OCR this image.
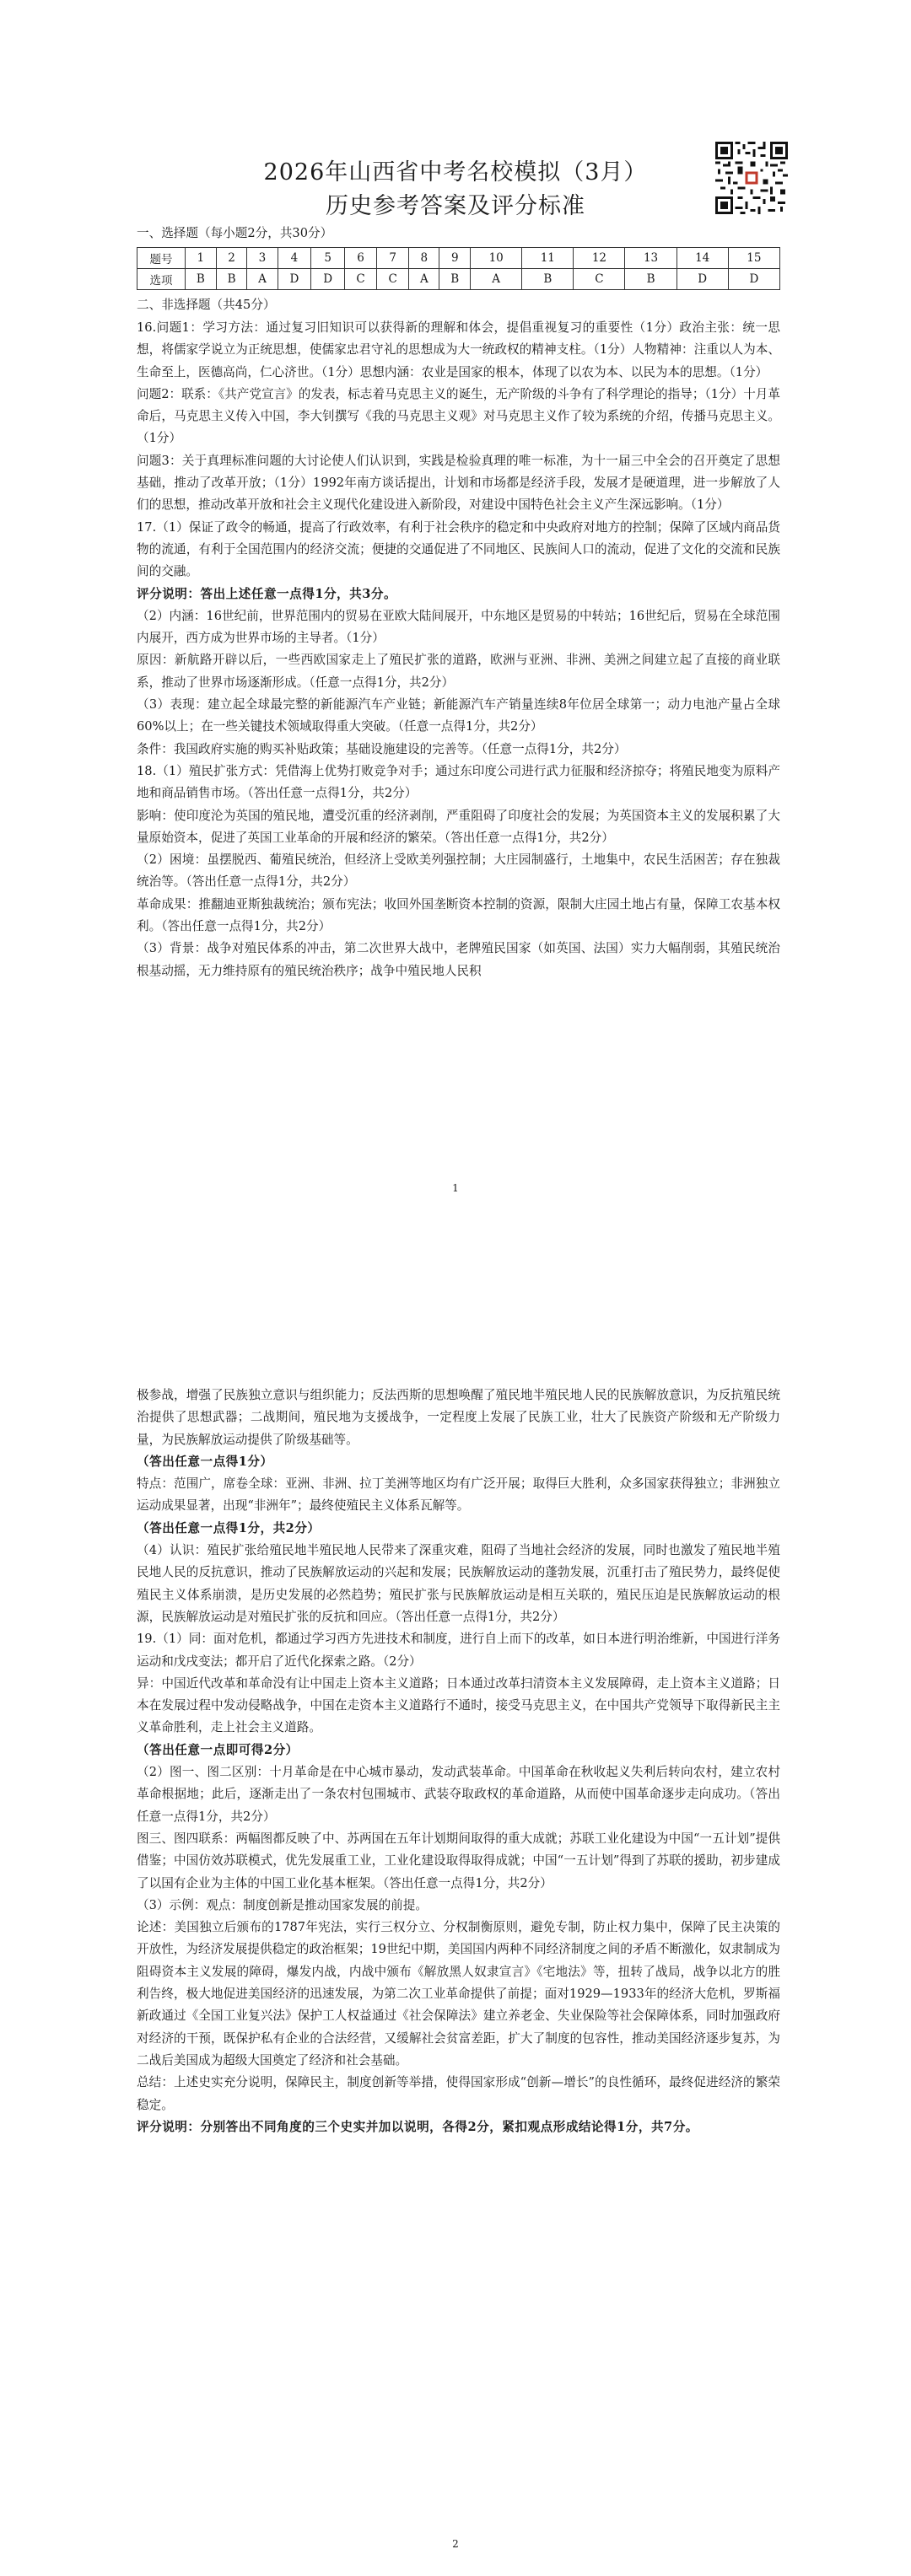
2026年山西省中考名校模拟（3月）
历史参考答案及评分标准
一、选择题（每小题2分，共30分）
题号	1	2	3	4	5	6	7	8	9	10	11	12	13	14	15
选项	B	B	A	D	D	C	C	A	B	A	B	C	B	D	D
二、非选择题（共45分）

16.问题1：学习方法：通过复习旧知识可以获得新的理解和体会，提倡重视复习的重要性（1分）政治主张：统一思想，将儒家学说立为正统思想，使儒家忠君守礼的思想成为大一统政权的精神支柱。（1分）人物精神：注重以人为本、生命至上，医德高尚，仁心济世。（1分）思想内涵：农业是国家的根本，体现了以农为本、以民为本的思想。（1分）

问题2：联系：《共产党宣言》的发表，标志着马克思主义的诞生，无产阶级的斗争有了科学理论的指导；（1分）十月革命后，马克思主义传入中国，李大钊撰写《我的马克思主义观》对马克思主义作了较为系统的介绍，传播马克思主义。（1分）

问题3：关于真理标准问题的大讨论使人们认识到，实践是检验真理的唯一标准，为十一届三中全会的召开奠定了思想基础，推动了改革开放；（1分）1992年南方谈话提出，计划和市场都是经济手段，发展才是硬道理，进一步解放了人们的思想，推动改革开放和社会主义现代化建设进入新阶段，对建设中国特色社会主义产生深远影响。（1分）

17.（1）保证了政令的畅通，提高了行政效率，有利于社会秩序的稳定和中央政府对地方的控制；保障了区域内商品货物的流通，有利于全国范围内的经济交流；便捷的交通促进了不同地区、民族间人口的流动，促进了文化的交流和民族间的交融。

评分说明：答出上述任意一点得1分，共3分。

（2）内涵：16世纪前，世界范围内的贸易在亚欧大陆间展开，中东地区是贸易的中转站；16世纪后，贸易在全球范围内展开，西方成为世界市场的主导者。（1分）

原因：新航路开辟以后，一些西欧国家走上了殖民扩张的道路，欧洲与亚洲、非洲、美洲之间建立起了直接的商业联系，推动了世界市场逐渐形成。（任意一点得1分，共2分）

（3）表现：建立起全球最完整的新能源汽车产业链；新能源汽车产销量连续8年位居全球第一；动力电池产量占全球60%以上；在一些关键技术领域取得重大突破。（任意一点得1分，共2分）

条件：我国政府实施的购买补贴政策；基础设施建设的完善等。（任意一点得1分，共2分）

18.（1）殖民扩张方式：凭借海上优势打败竞争对手；通过东印度公司进行武力征服和经济掠夺；将殖民地变为原料产地和商品销售市场。（答出任意一点得1分，共2分）

影响：使印度沦为英国的殖民地，遭受沉重的经济剥削，严重阻碍了印度社会的发展；为英国资本主义的发展积累了大量原始资本，促进了英国工业革命的开展和经济的繁荣。（答出任意一点得1分，共2分）

（2）困境：虽摆脱西、葡殖民统治，但经济上受欧美列强控制；大庄园制盛行，土地集中，农民生活困苦；存在独裁统治等。（答出任意一点得1分，共2分）

革命成果：推翻迪亚斯独裁统治；颁布宪法；收回外国垄断资本控制的资源，限制大庄园土地占有量，保障工农基本权利。（答出任意一点得1分，共2分）

（3）背景：战争对殖民体系的冲击，第二次世界大战中，老牌殖民国家（如英国、法国）实力大幅削弱，其殖民统治根基动摇，无力维持原有的殖民统治秩序；战争中殖民地人民积

1

极参战，增强了民族独立意识与组织能力；反法西斯的思想唤醒了殖民地半殖民地人民的民族解放意识，为反抗殖民统治提供了思想武器；二战期间，殖民地为支援战争，一定程度上发展了民族工业，壮大了民族资产阶级和无产阶级力量，为民族解放运动提供了阶级基础等。

（答出任意一点得1分）

特点：范围广，席卷全球：亚洲、非洲、拉丁美洲等地区均有广泛开展；取得巨大胜利，众多国家获得独立；非洲独立运动成果显著，出现“非洲年”；最终使殖民主义体系瓦解等。

（答出任意一点得1分，共2分）

（4）认识：殖民扩张给殖民地半殖民地人民带来了深重灾难，阻碍了当地社会经济的发展，同时也激发了殖民地半殖民地人民的反抗意识，推动了民族解放运动的兴起和发展；民族解放运动的蓬勃发展，沉重打击了殖民势力，最终促使殖民主义体系崩溃，是历史发展的必然趋势；殖民扩张与民族解放运动是相互关联的，殖民压迫是民族解放运动的根源，民族解放运动是对殖民扩张的反抗和回应。（答出任意一点得1分，共2分）

19.（1）同：面对危机，都通过学习西方先进技术和制度，进行自上而下的改革，如日本进行明治维新，中国进行洋务运动和戊戌变法；都开启了近代化探索之路。（2分）

异：中国近代改革和革命没有让中国走上资本主义道路；日本通过改革扫清资本主义发展障碍，走上资本主义道路；日本在发展过程中发动侵略战争，中国在走资本主义道路行不通时，接受马克思主义，在中国共产党领导下取得新民主主义革命胜利，走上社会主义道路。

（答出任意一点即可得2分）

（2）图一、图二区别：十月革命是在中心城市暴动，发动武装革命。中国革命在秋收起义失利后转向农村，建立农村革命根据地；此后，逐渐走出了一条农村包围城市、武装夺取政权的革命道路，从而使中国革命逐步走向成功。（答出任意一点得1分，共2分）

图三、图四联系：两幅图都反映了中、苏两国在五年计划期间取得的重大成就；苏联工业化建设为中国“一五计划”提供借鉴；中国仿效苏联模式，优先发展重工业，工业化建设取得取得成就；中国“一五计划”得到了苏联的援助，初步建成了以国有企业为主体的中国工业化基本框架。（答出任意一点得1分，共2分）

（3）示例：观点：制度创新是推动国家发展的前提。

论述：美国独立后颁布的1787年宪法，实行三权分立、分权制衡原则，避免专制，防止权力集中，保障了民主决策的开放性，为经济发展提供稳定的政治框架；19世纪中期，美国国内两种不同经济制度之间的矛盾不断激化，奴隶制成为阻碍资本主义发展的障碍，爆发内战，内战中颁布《解放黑人奴隶宣言》《宅地法》等，扭转了战局，战争以北方的胜利告终，极大地促进美国经济的迅速发展，为第二次工业革命提供了前提；面对1929—1933年的经济大危机，罗斯福新政通过《全国工业复兴法》保护工人权益通过《社会保障法》建立养老金、失业保险等社会保障体系，同时加强政府对经济的干预，既保护私有企业的合法经营，又缓解社会贫富差距，扩大了制度的包容性，推动美国经济逐步复苏，为二战后美国成为超级大国奠定了经济和社会基础。

总结：上述史实充分说明，保障民主，制度创新等举措，使得国家形成“创新—增长”的良性循环，最终促进经济的繁荣稳定。

评分说明：分别答出不同角度的三个史实并加以说明，各得2分，紧扣观点形成结论得1分，共7分。

2
